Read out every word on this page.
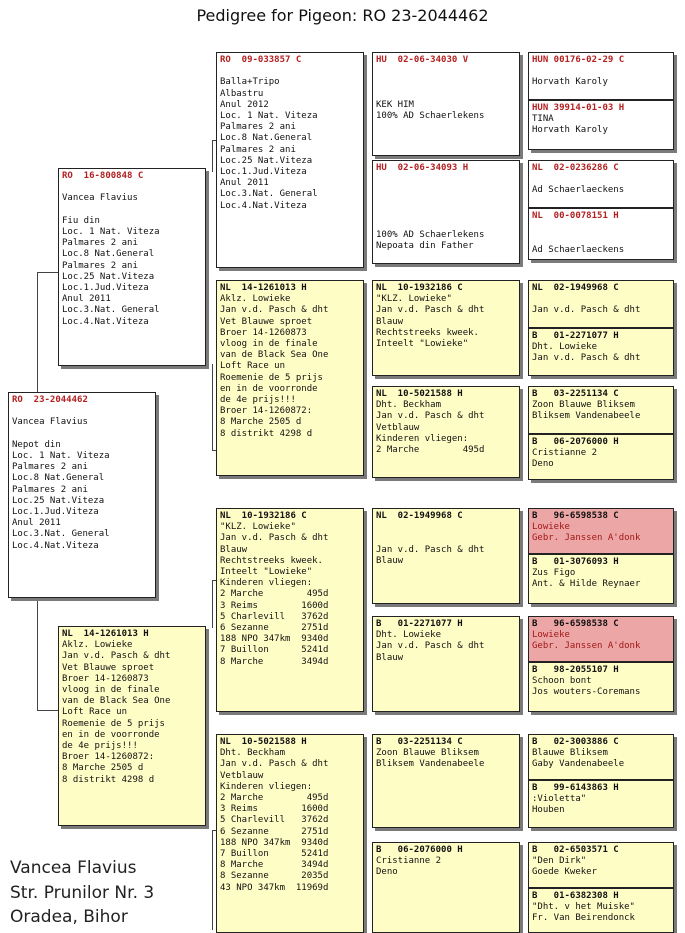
Pedigree for Pigeon: RO 23-2044462
RO  23-2044462

Vancea Flavius

Nepot din
Loc. 1 Nat. Viteza
Palmares 2 ani
Loc.8 Nat.General
Palmares 2 ani
Loc.25 Nat.Viteza
Loc.1.Jud.Viteza
Anul 2011
Loc.3.Nat. General
Loc.4.Nat.Viteza
RO  16-800848 C

Vancea Flavius

Fiu din
Loc. 1 Nat. Viteza
Palmares 2 ani
Loc.8 Nat.General
Palmares 2 ani
Loc.25 Nat.Viteza
Loc.1.Jud.Viteza
Anul 2011
Loc.3.Nat. General
Loc.4.Nat.Viteza
NL  14-1261013 H
Aklz. Lowieke
Jan v.d. Pasch & dht
Vet Blauwe sproet
Broer 14-1260873
vloog in de finale
van de Black Sea One
Loft Race un
Roemenie de 5 prijs
en in de voorronde
de 4e prijs!!!
Broer 14-1260872:
8 Marche 2505 d
8 distrikt 4298 d
RO  09-033857 C

Balla+Tripo
Albastru
Anul 2012
Loc. 1 Nat. Viteza
Palmares 2 ani
Loc.8 Nat.General
Palmares 2 ani
Loc.25 Nat.Viteza
Loc.1.Jud.Viteza
Anul 2011
Loc.3.Nat. General
Loc.4.Nat.Viteza
NL  14-1261013 H
Aklz. Lowieke
Jan v.d. Pasch & dht
Vet Blauwe sproet
Broer 14-1260873
vloog in de finale
van de Black Sea One
Loft Race un
Roemenie de 5 prijs
en in de voorronde
de 4e prijs!!!
Broer 14-1260872:
8 Marche 2505 d
8 distrikt 4298 d
NL  10-1932186 C
"KLZ. Lowieke"
Jan v.d. Pasch & dht
Blauw
Rechtstreeks kweek.
Inteelt "Lowieke"
Kinderen vliegen:
2 Marche        495d
3 Reims        1600d
5 Charlevill   3762d
6 Sezanne      2751d
188 NPO 347km  9340d
7 Buillon      5241d
8 Marche       3494d
NL  10-5021588 H
Dht. Beckham
Jan v.d. Pasch & dht
Vetblauw
Kinderen vliegen:
2 Marche        495d
3 Reims        1600d
5 Charlevill   3762d
6 Sezanne      2751d
188 NPO 347km  9340d
7 Buillon      5241d
8 Marche       3494d
8 Sezanne      2035d
43 NPO 347km  11969d
HU  02-06-34030 V

KEK HIM
100% AD Schaerlekens
HU  02-06-34093 H

100% AD Schaerlekens
Nepoata din Father
NL  10-1932186 C
"KLZ. Lowieke"
Jan v.d. Pasch & dht
Blauw
Rechtstreeks kweek.
Inteelt "Lowieke"
NL  10-5021588 H
Dht. Beckham
Jan v.d. Pasch & dht
Vetblauw
Kinderen vliegen:
2 Marche        495d
NL  02-1949968 C

Jan v.d. Pasch & dht
Blauw
B   01-2271077 H
Dht. Lowieke
Jan v.d. Pasch & dht
Blauw
B   03-2251134 C
Zoon Blauwe Bliksem
Bliksem Vandenabeele
B   06-2076000 H
Cristianne 2
Deno
HUN 00176-02-29 C

Horvath Karoly
HUN 39914-01-03 H
TINA
Horvath Karoly
NL  02-0236286 C

Ad Schaerlaeckens
NL  00-0078151 H

Ad Schaerlaeckens
NL  02-1949968 C

Jan v.d. Pasch & dht
B   01-2271077 H
Dht. Lowieke
Jan v.d. Pasch & dht
B   03-2251134 C
Zoon Blauwe Bliksem
Bliksem Vandenabeele
B   06-2076000 H
Cristianne 2
Deno
B   96-6598538 C
Lowieke
Gebr. Janssen A'donk
B   01-3076093 H
Zus Figo
Ant. & Hilde Reynaer
B   96-6598538 C
Lowieke
Gebr. Janssen A'donk
B   98-2055107 H
Schoon bont
Jos wouters-Coremans
B   02-3003886 C
Blauwe Bliksem
Gaby Vandenabeele
B   99-6143863 H
:Violetta"
Houben
B   02-6503571 C
"Den Dirk"
Goede Kweker
B   01-6382308 H
"Dht. v het Muiske"
Fr. Van Beirendonck
Vancea Flavius
Str. Prunilor Nr. 3
Oradea, Bihor
